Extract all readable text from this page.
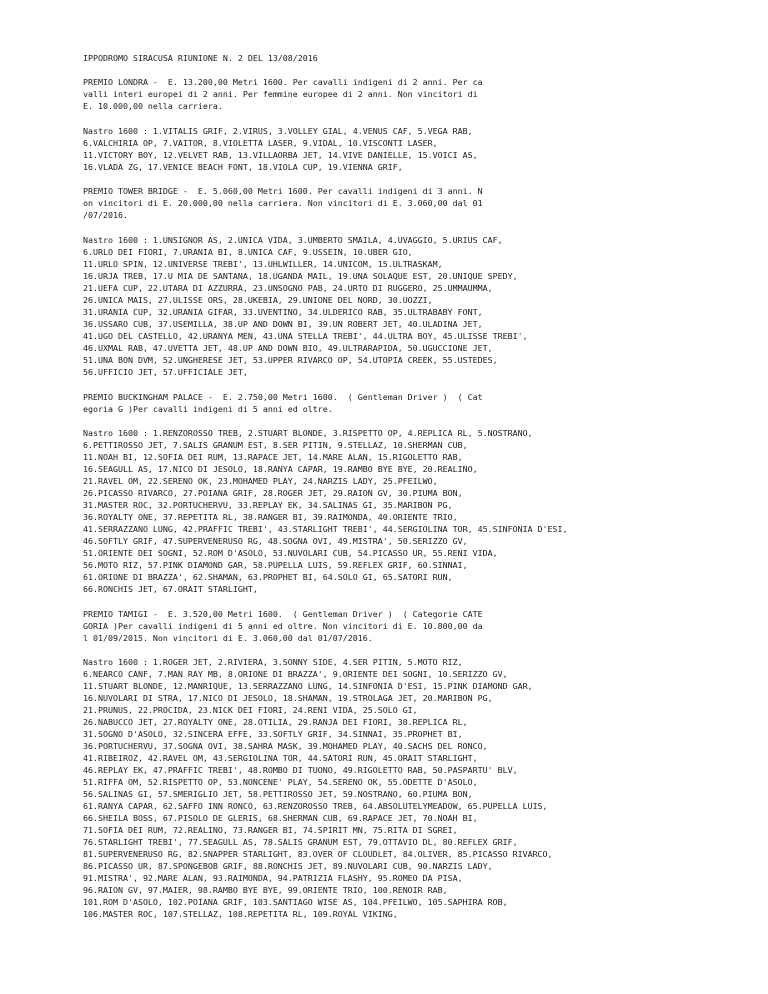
IPPODROMO SIRACUSA RIUNIONE N. 2 DEL 13/08/2016
PREMIO LONDRA -  E. 13.200,00 Metri 1600. Per cavalli indigeni di 2 anni. Per ca
valli interi europei di 2 anni. Per femmine europee di 2 anni. Non vincitori di
E. 10.000,00 nella carriera.
Nastro 1600 : 1.VITALIS GRIF, 2.VIRUS, 3.VOLLEY GIAL, 4.VENUS CAF, 5.VEGA RAB,
6.VALCHIRIA OP, 7.VAITOR, 8.VIOLETTA LASER, 9.VIDAL, 10.VISCONTI LASER,
11.VICTORY BOY, 12.VELVET RAB, 13.VILLAORBA JET, 14.VIVE DANIELLE, 15.VOICI AS,
16.VLADA ZG, 17.VENICE BEACH FONT, 18.VIOLA CUP, 19.VIENNA GRIF,
PREMIO TOWER BRIDGE -  E. 5.060,00 Metri 1600. Per cavalli indigeni di 3 anni. N
on vincitori di E. 20.000,00 nella carriera. Non vincitori di E. 3.060,00 dal 01
/07/2016.
Nastro 1600 : 1.UNSIGNOR AS, 2.UNICA VIDA, 3.UMBERTO SMAILA, 4.UVAGGIO, 5.URIUS CAF,
6.URLO DEI FIORI, 7.URANIA BI, 8.UNICA CAF, 9.USSEIN, 10.UBER GIO,
11.URLO SPIN, 12.UNIVERSE TREBI', 13.UHLWILLER, 14.UNICOM, 15.ULTRASKAM,
16.URJA TREB, 17.U MIA DE SANTANA, 18.UGANDA MAIL, 19.UNA SOLAQUE EST, 20.UNIQUE SPEDY,
21.UEFA CUP, 22.UTARA DI AZZURRA, 23.UNSOGNO PAB, 24.URTO DI RUGGERO, 25.UMMAUMMA,
26.UNICA MAIS, 27.ULISSE ORS, 28.UKEBIA, 29.UNIONE DEL NORD, 30.UOZZI,
31.URANIA CUP, 32.URANIA GIFAR, 33.UVENTINO, 34.ULDERICO RAB, 35.ULTRABABY FONT,
36.USSARO CUB, 37.USEMILLA, 38.UP AND DOWN BI, 39.UN ROBERT JET, 40.ULADINA JET,
41.UGO DEL CASTELLO, 42.URANYA MEN, 43.UNA STELLA TREBI', 44.ULTRA BOY, 45.ULISSE TREBI',
46.UXMAL RAB, 47.UVETTA JET, 48.UP AND DOWN BIO, 49.ULTRARAPIDA, 50.UGUCCIONE JET,
51.UNA BON DVM, 52.UNGHERESE JET, 53.UPPER RIVARCO OP, 54.UTOPIA CREEK, 55.USTEDES,
56.UFFICIO JET, 57.UFFICIALE JET,
PREMIO BUCKINGHAM PALACE -  E. 2.750,00 Metri 1600.  ( Gentleman Driver )  ( Cat
egoria G )Per cavalli indigeni di 5 anni ed oltre.
Nastro 1600 : 1.RENZOROSSO TREB, 2.STUART BLONDE, 3.RISPETTO OP, 4.REPLICA RL, 5.NOSTRANO,
6.PETTIROSSO JET, 7.SALIS GRANUM EST, 8.SER PITIN, 9.STELLAZ, 10.SHERMAN CUB,
11.NOAH BI, 12.SOFIA DEI RUM, 13.RAPACE JET, 14.MARE ALAN, 15.RIGOLETTO RAB,
16.SEAGULL AS, 17.NICO DI JESOLO, 18.RANYA CAPAR, 19.RAMBO BYE BYE, 20.REALINO,
21.RAVEL OM, 22.SERENO OK, 23.MOHAMED PLAY, 24.NARZIS LADY, 25.PFEILWO,
26.PICASSO RIVARCO, 27.POIANA GRIF, 28.ROGER JET, 29.RAION GV, 30.PIUMA BON,
31.MASTER ROC, 32.PORTUCHERVU, 33.REPLAY EK, 34.SALINAS GI, 35.MARIBON PG,
36.ROYALTY ONE, 37.REPETITA RL, 38.RANGER BI, 39.RAIMONDA, 40.ORIENTE TRIO,
41.SERRAZZANO LUNG, 42.PRAFFIC TREBI', 43.STARLIGHT TREBI', 44.SERGIOLINA TOR, 45.SINFONIA D'ESI,
46.SOFTLY GRIF, 47.SUPERVENERUSO RG, 48.SOGNA OVI, 49.MISTRA', 50.SERIZZO GV,
51.ORIENTE DEI SOGNI, 52.ROM D'ASOLO, 53.NUVOLARI CUB, 54.PICASSO UR, 55.RENI VIDA,
56.MOTO RIZ, 57.PINK DIAMOND GAR, 58.PUPELLA LUIS, 59.REFLEX GRIF, 60.SINNAI,
61.ORIONE DI BRAZZA', 62.SHAMAN, 63.PROPHET BI, 64.SOLO GI, 65.SATORI RUN,
66.RONCHIS JET, 67.ORAIT STARLIGHT,
PREMIO TAMIGI -  E. 3.520,00 Metri 1600.  ( Gentleman Driver )  ( Categorie CATE
GORIA )Per cavalli indigeni di 5 anni ed oltre. Non vincitori di E. 10.800,00 da
l 01/09/2015. Non vincitori di E. 3.060,00 dal 01/07/2016.
Nastro 1600 : 1.ROGER JET, 2.RIVIERA, 3.SONNY SIDE, 4.SER PITIN, 5.MOTO RIZ,
6.NEARCO CANF, 7.MAN RAY MB, 8.ORIONE DI BRAZZA', 9.ORIENTE DEI SOGNI, 10.SERIZZO GV,
11.STUART BLONDE, 12.MANRIQUE, 13.SERRAZZANO LUNG, 14.SINFONIA D'ESI, 15.PINK DIAMOND GAR,
16.NUVOLARI DI STRA, 17.NICO DI JESOLO, 18.SHAMAN, 19.STROLAGA JET, 20.MARIBON PG,
21.PRUNUS, 22.PROCIDA, 23.NICK DEI FIORI, 24.RENI VIDA, 25.SOLO GI,
26.NABUCCO JET, 27.ROYALTY ONE, 28.OTILIA, 29.RANJA DEI FIORI, 30.REPLICA RL,
31.SOGNO D'ASOLO, 32.SINCERA EFFE, 33.SOFTLY GRIF, 34.SINNAI, 35.PROPHET BI,
36.PORTUCHERVU, 37.SOGNA OVI, 38.SAHRA MASK, 39.MOHAMED PLAY, 40.SACHS DEL RONCO,
41.RIBEIROZ, 42.RAVEL OM, 43.SERGIOLINA TOR, 44.SATORI RUN, 45.ORAIT STARLIGHT,
46.REPLAY EK, 47.PRAFFIC TREBI', 48.ROMBO DI TUONO, 49.RIGOLETTO RAB, 50.PASPARTU' BLV,
51.RIFFA OM, 52.RISPETTO OP, 53.NONCENE' PLAY, 54.SERENO OK, 55.ODETTE D'ASOLO,
56.SALINAS GI, 57.SMERIGLIO JET, 58.PETTIROSSO JET, 59.NOSTRANO, 60.PIUMA BON,
61.RANYA CAPAR, 62.SAFFO INN RONCO, 63.RENZOROSSO TREB, 64.ABSOLUTELYMEADOW, 65.PUPELLA LUIS,
66.SHEILA BOSS, 67.PISOLO DE GLERIS, 68.SHERMAN CUB, 69.RAPACE JET, 70.NOAH BI,
71.SOFIA DEI RUM, 72.REALINO, 73.RANGER BI, 74.SPIRIT MN, 75.RITA DI SGREI,
76.STARLIGHT TREBI', 77.SEAGULL AS, 78.SALIS GRANUM EST, 79.OTTAVIO DL, 80.REFLEX GRIF,
81.SUPERVENERUSO RG, 82.SNAPPER STARLIGHT, 83.OVER OF CLOUDLET, 84.OLIVER, 85.PICASSO RIVARCO,
86.PICASSO UR, 87.SPONGEBOB GRIF, 88.RONCHIS JET, 89.NUVOLARI CUB, 90.NARZIS LADY,
91.MISTRA', 92.MARE ALAN, 93.RAIMONDA, 94.PATRIZIA FLASHY, 95.ROMEO DA PISA,
96.RAION GV, 97.MAIER, 98.RAMBO BYE BYE, 99.ORIENTE TRIO, 100.RENOIR RAB,
101.ROM D'ASOLO, 102.POIANA GRIF, 103.SANTIAGO WISE AS, 104.PFEILWO, 105.SAPHIRA ROB,
106.MASTER ROC, 107.STELLAZ, 108.REPETITA RL, 109.ROYAL VIKING,
